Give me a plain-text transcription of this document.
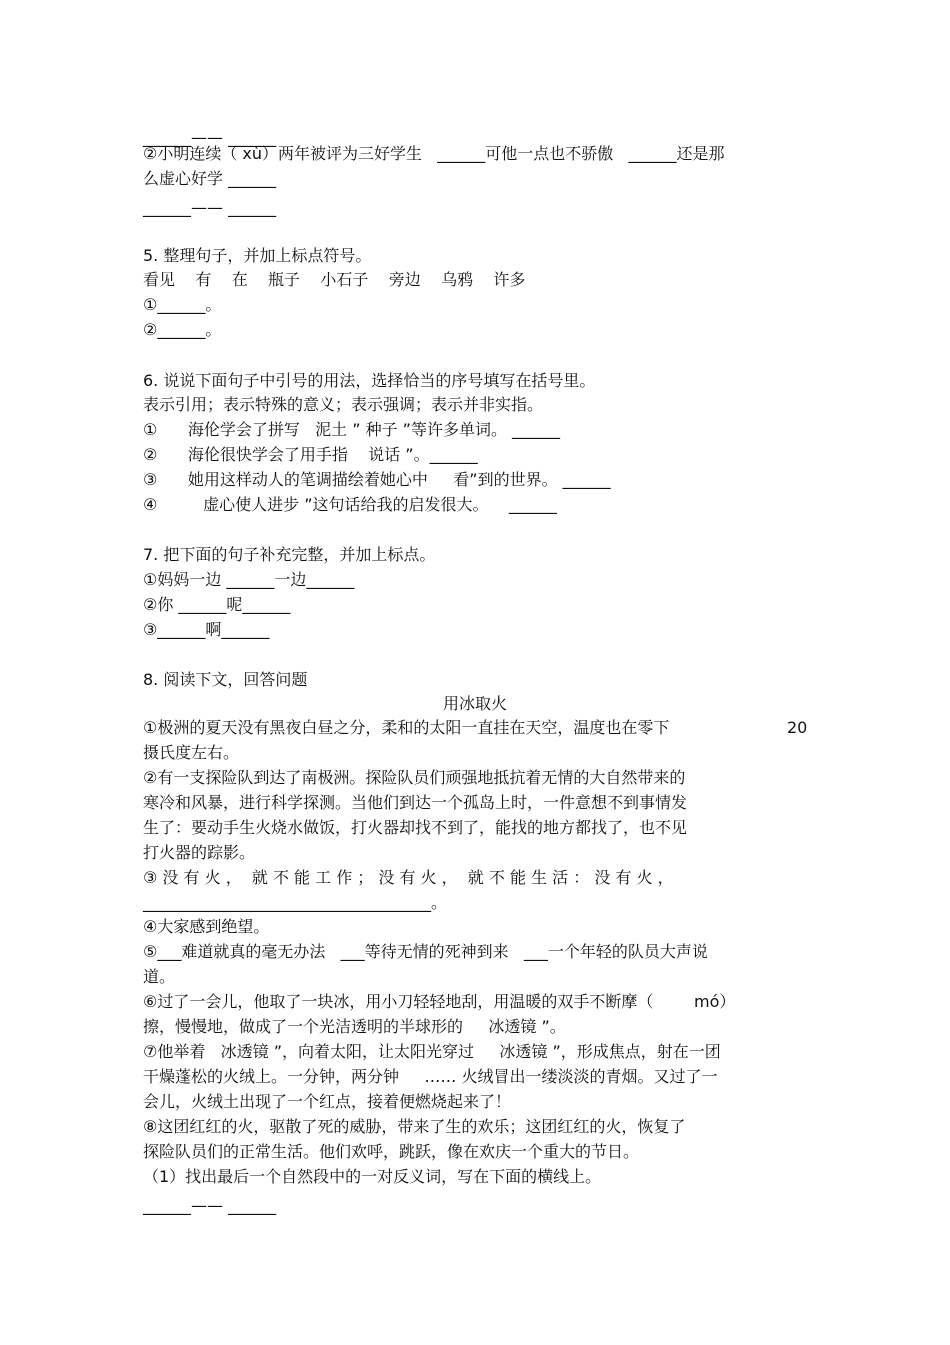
______—— ______
②小明连续（ xù）两年被评为三好学生   ______可他一点也不骄傲   ______还是那
么虚心好学 ______
______—— ______
5. 整理句子，并加上标点符号。
看见    有    在    瓶子    小石子    旁边    乌鸦    许多
①______。
②______。
6. 说说下面句子中引号的用法，选择恰当的序号填写在括号里。
表示引用；表示特殊的意义；表示强调；表示并非实指。
①      海伦学会了拼写   泥土 ” 种子 ”等许多单词。 ______
②      海伦很快学会了用手指    说话 ”。______
③      她用这样动人的笔调描绘着她心中     看”到的世界。 ______
④         虚心使人进步 ”这句话给我的启发很大。    ______
7. 把下面的句子补充完整，并加上标点。
①妈妈一边 ______一边______
②你 ______呢______
③______啊______
8. 阅读下文，回答问题
用冰取火
①极洲的夏天没有黑夜白昼之分，柔和的太阳一直挂在天空，温度也在零下	20
摄氏度左右。
②有一支探险队到达了南极洲。探险队员们顽强地抵抗着无情的大自然带来的
寒冷和风暴，进行科学探测。当他们到达一个孤岛上时，一件意想不到事情发
生了：要动手生火烧水做饭，打火器却找不到了，能找的地方都找了，也不见
打火器的踪影。
③ 没 有 火 ，  就 不 能 工 作 ； 没 有 火 ，  就 不 能 生 活 ： 没 有 火 ，
____________________________________。
④大家感到绝望。
⑤___难道就真的毫无办法   ___等待无情的死神到来   ___一个年轻的队员大声说
道。
⑥过了一会儿，他取了一块冰，用小刀轻轻地刮，用温暖的双手不断摩（        mó）
擦，慢慢地，做成了一个光洁透明的半球形的     冰透镜 ”。
⑦他举着   冰透镜 ”，向着太阳，让太阳光穿过     冰透镜 ”，形成焦点，射在一团
干燥蓬松的火绒上。一分钟，两分钟     …… 火绒冒出一缕淡淡的青烟。又过了一
会儿，火绒土出现了一个红点，接着便燃烧起来了！
⑧这团红红的火，驱散了死的威胁，带来了生的欢乐；这团红红的火，恢复了
探险队员们的正常生活。他们欢呼，跳跃，像在欢庆一个重大的节日。
（1）找出最后一个自然段中的一对反义词，写在下面的横线上。
______—— ______
